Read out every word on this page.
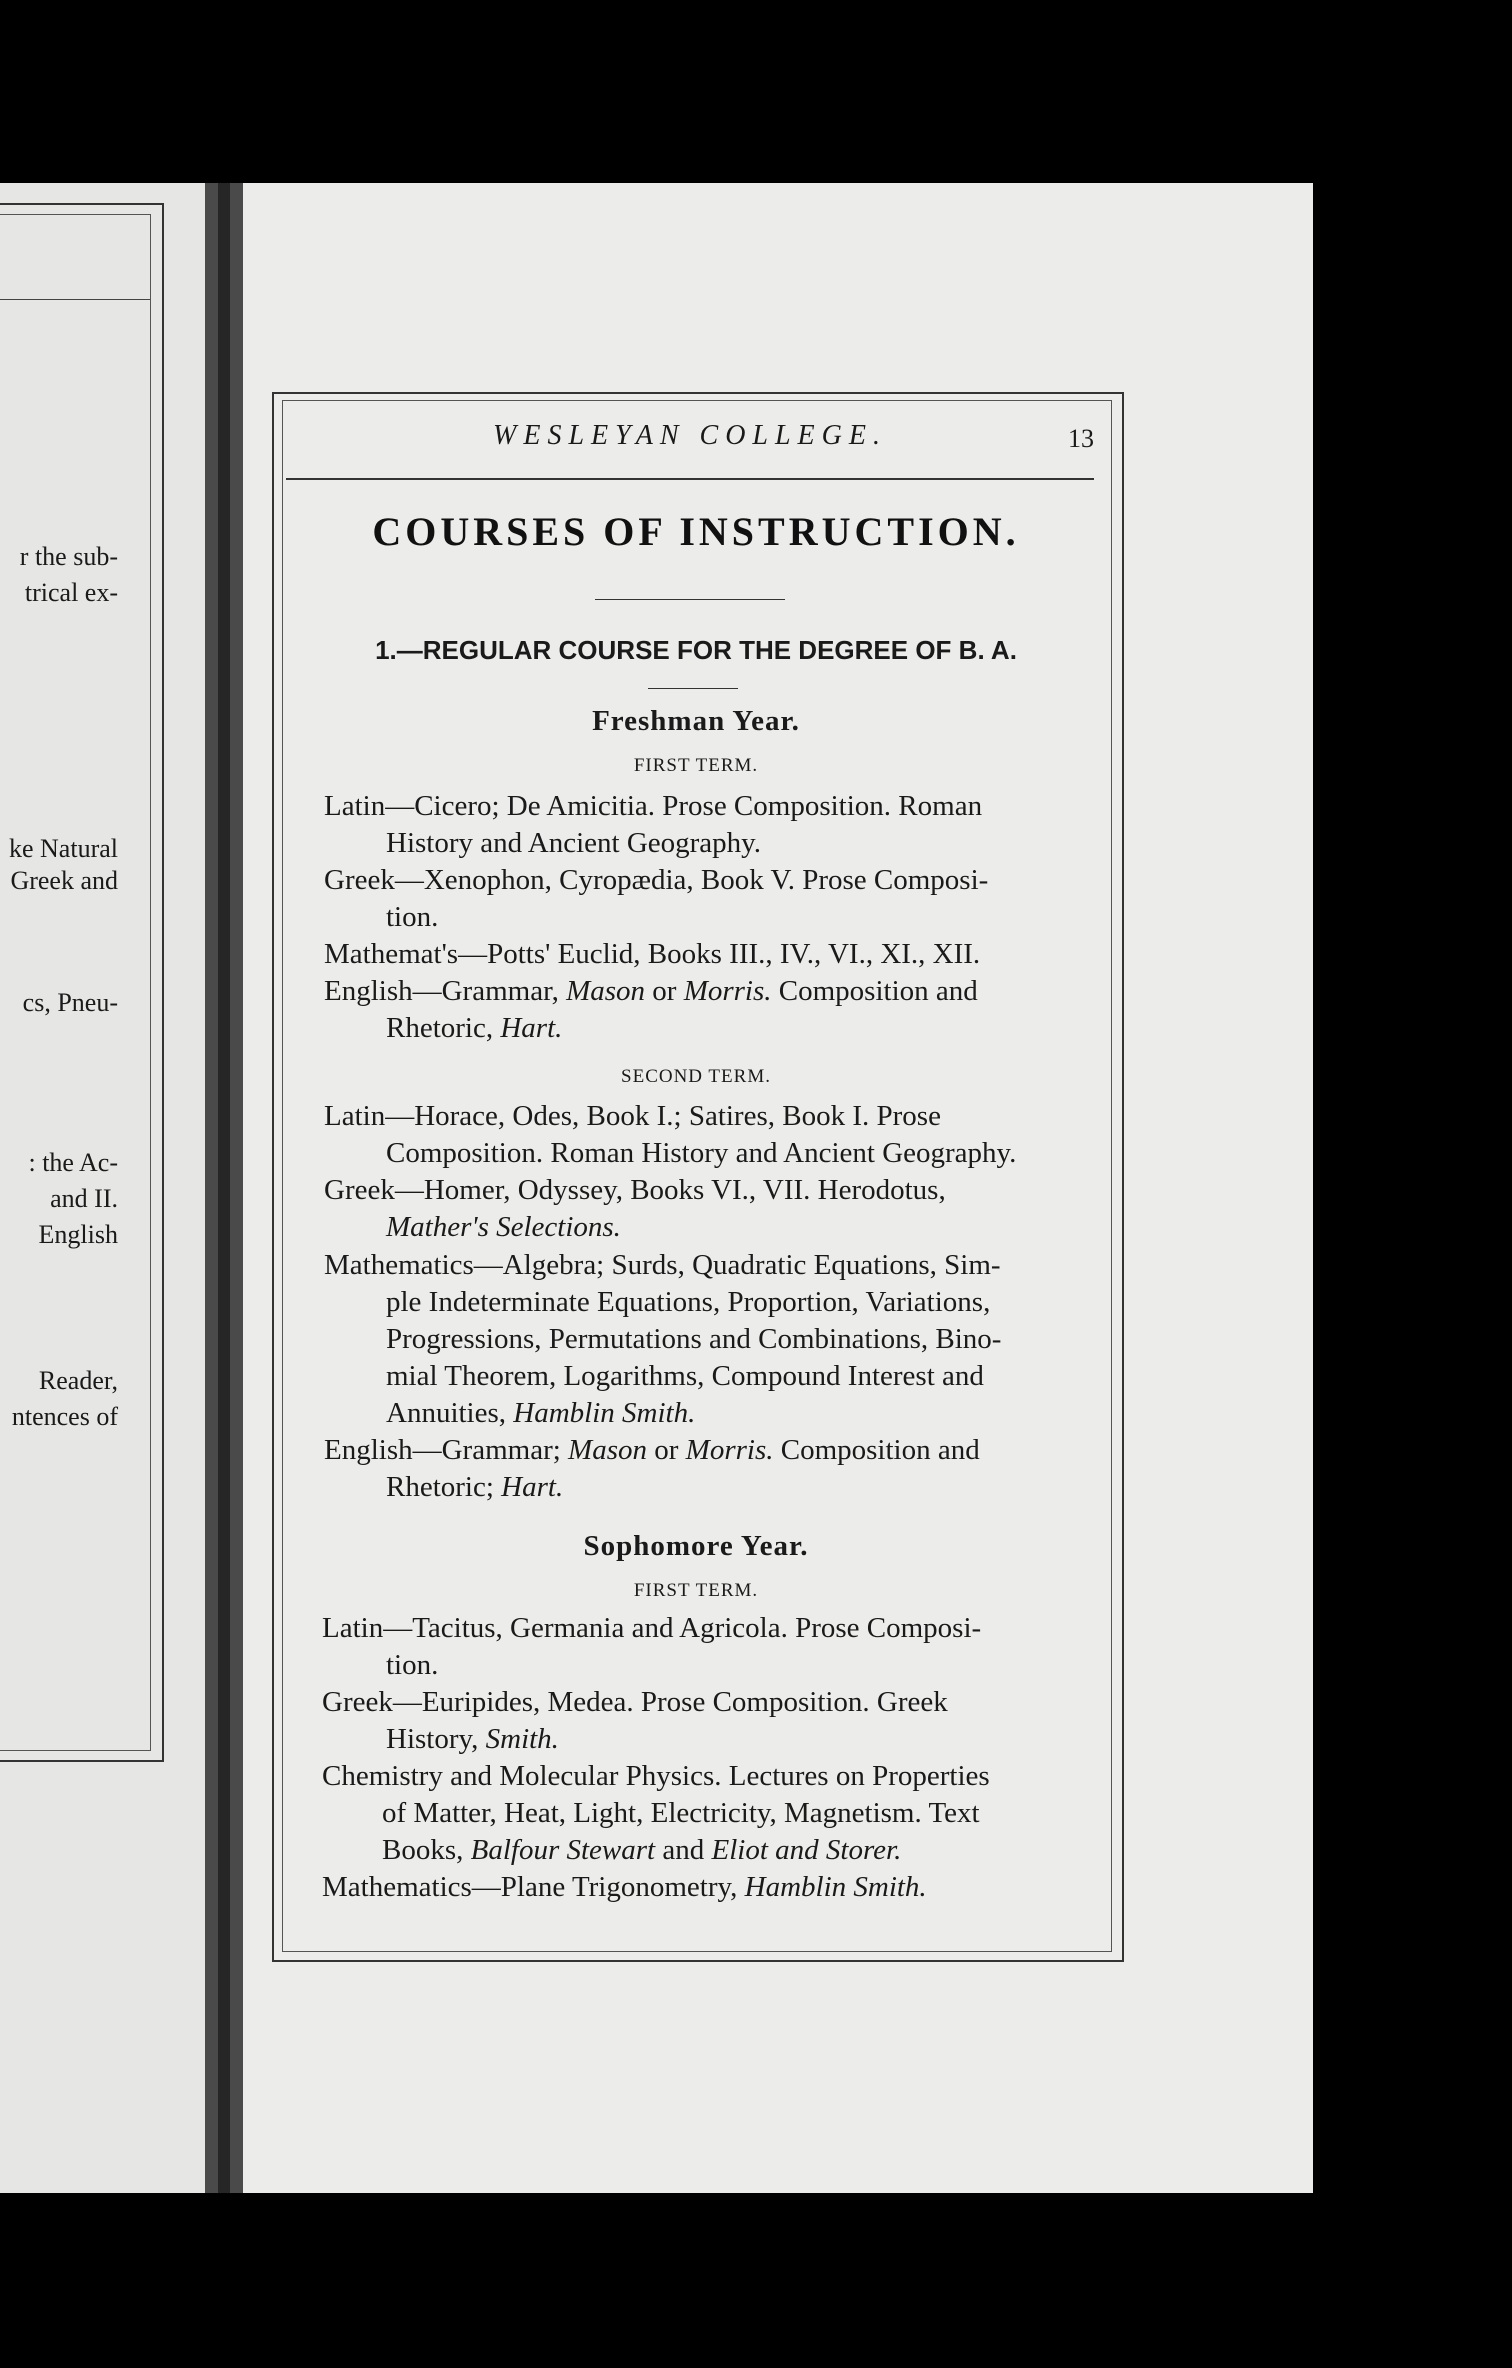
r the sub-
trical ex-
ke Natural
Greek and
cs, Pneu-
: the Ac-
and II.
English
Reader,
ntences of
WESLEYAN COLLEGE.	13
COURSES OF INSTRUCTION.
1.—REGULAR COURSE FOR THE DEGREE OF B. A.
Freshman Year.
FIRST TERM.
Latin—Cicero; De Amicitia. Prose Composition. Roman
History and Ancient Geography.
Greek—Xenophon, Cyropædia, Book V. Prose Composi-
tion.
Mathemat's—Potts' Euclid, Books III., IV., VI., XI., XII.
English—Grammar, Mason or Morris. Composition and
Rhetoric, Hart.
SECOND TERM.
Latin—Horace, Odes, Book I.; Satires, Book I. Prose
Composition. Roman History and Ancient Geography.
Greek—Homer, Odyssey, Books VI., VII. Herodotus,
Mather's Selections.
Mathematics—Algebra; Surds, Quadratic Equations, Sim-
ple Indeterminate Equations, Proportion, Variations,
Progressions, Permutations and Combinations, Bino-
mial Theorem, Logarithms, Compound Interest and
Annuities, Hamblin Smith.
English—Grammar; Mason or Morris. Composition and
Rhetoric; Hart.
Sophomore Year.
FIRST TERM.
Latin—Tacitus, Germania and Agricola. Prose Composi-
tion.
Greek—Euripides, Medea. Prose Composition. Greek
History, Smith.
Chemistry and Molecular Physics. Lectures on Properties
of Matter, Heat, Light, Electricity, Magnetism. Text
Books, Balfour Stewart and Eliot and Storer.
Mathematics—Plane Trigonometry, Hamblin Smith.
